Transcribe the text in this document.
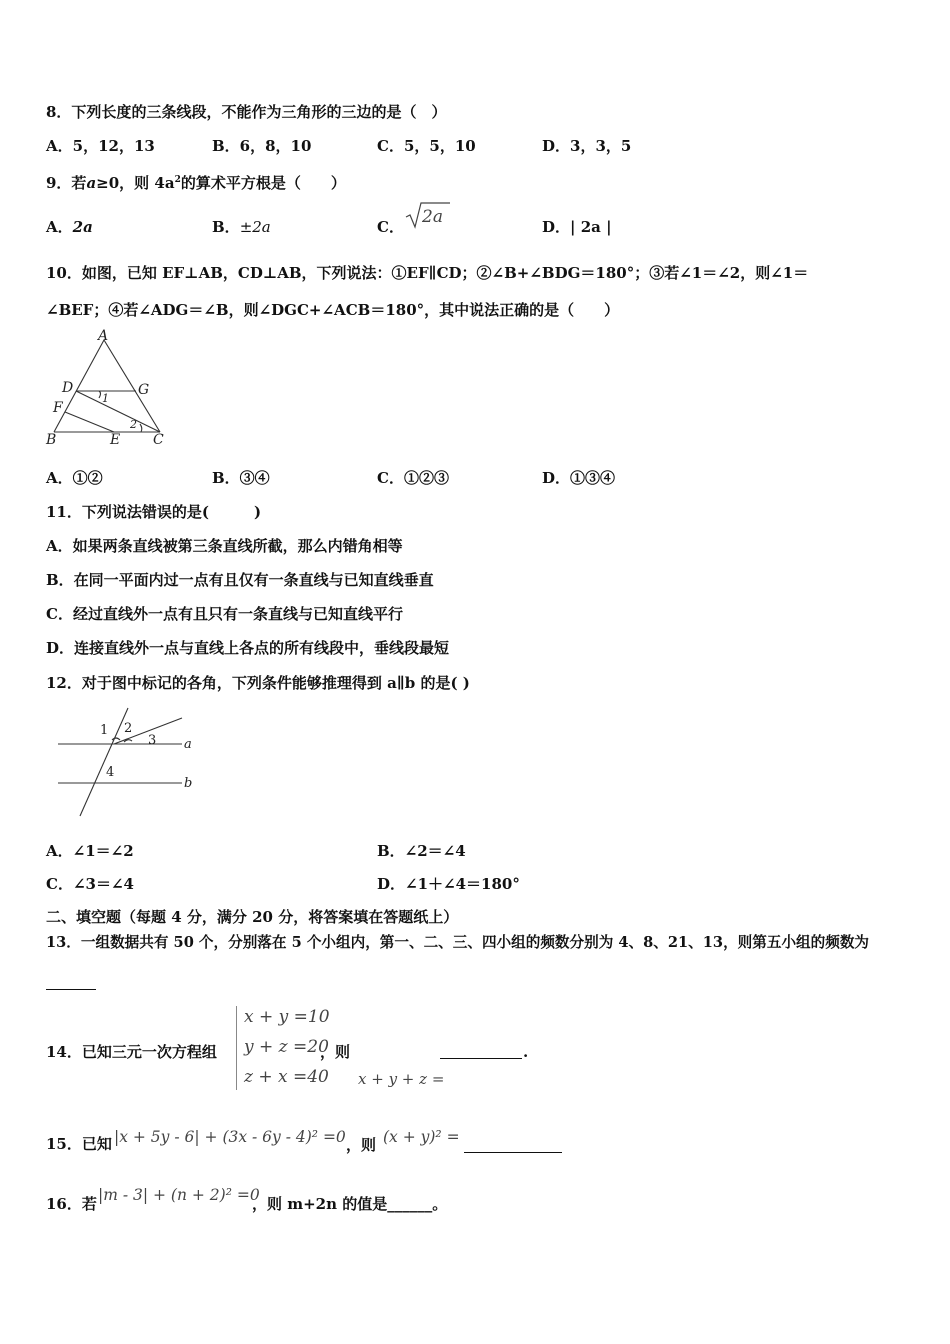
8．下列长度的三条线段，不能作为三角形的三边的是（　）
A．5，12，13	B．6，8，10	C．5，5，10	D．3，3，5
9．若a≥0，则 $4a^2$的算术平方根是（　　）
A．2a	B．±2a	C． 2a	D．| 2a |
10．如图，已知 EF⊥AB，CD⊥AB，下列说法：①EF∥CD；②∠B+∠BDG＝180°；③若∠1＝∠2，则∠1＝
∠BEF；④若∠ADG＝∠B，则∠DGC+∠ACB＝180°，其中说法正确的是（　　）
A
D	G
F
B	E C
1
2
A．①②	B．③④	C．①②③	D．①③④
11．下列说法错误的是(　　　)
A．如果两条直线被第三条直线所截，那么内错角相等
B．在同一平面内过一点有且仅有一条直线与已知直线垂直
C．经过直线外一点有且只有一条直线与已知直线平行
D．连接直线外一点与直线上各点的所有线段中，垂线段最短
12．对于图中标记的各角，下列条件能够推理得到 a∥b 的是( )
1 2
3
4
a
b
A．∠1＝∠2	B．∠2＝∠4
C．∠3＝∠4	D．∠1＋∠4＝180°
二、填空题（每题 4 分，满分 20 分，将答案填在答题纸上）
13．一组数据共有 50 个，分别落在 5 个小组内，第一、二、三、四小组的频数分别为 4、8、21、13，则第五小组的频数为
14．已知三元一次方程组
x + y =10
y + z =20
z + x =40
，则
x + y + z =
.
15．已知 |x + 5y - 6| + (3x - 6y - 4)² =0 ，则 (x + y)² =
16．若 |m - 3| + (n + 2)² =0
，则 m+2n 的值是______。
